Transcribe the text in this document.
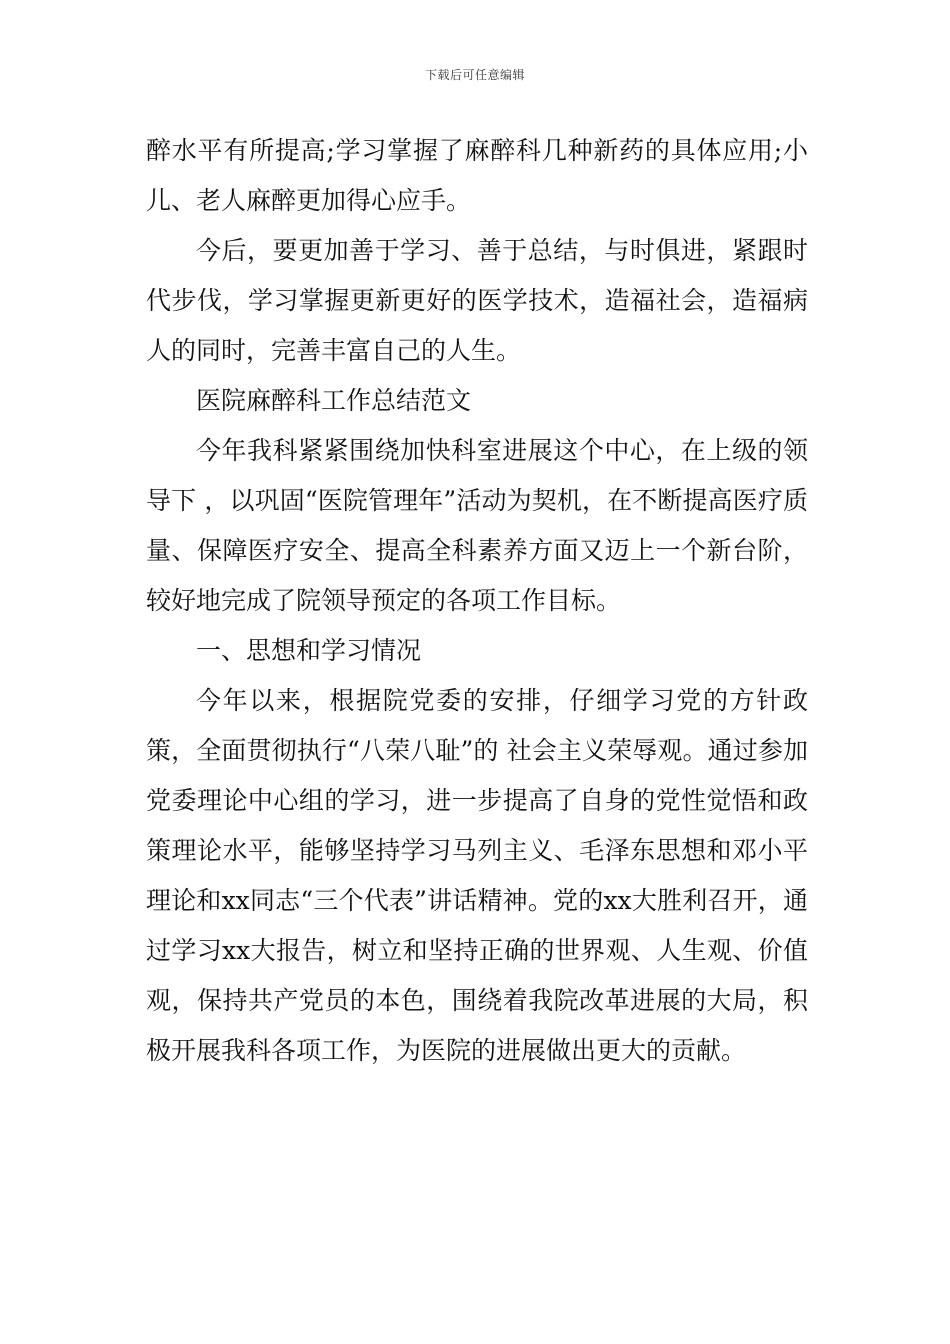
下载后可任意编辑

醉水平有所提高;学习掌握了麻醉科几种新药的具体应用;小儿、老人麻醉更加得心应手。

今后，要更加善于学习、善于总结，与时俱进，紧跟时代步伐，学习掌握更新更好的医学技术，造福社会，造福病人的同时，完善丰富自己的人生。

医院麻醉科工作总结范文

今年我科紧紧围绕加快科室进展这个中心，在上级的领导下 ，以巩固“医院管理年”活动为契机，在不断提高医疗质量、保障医疗安全、提高全科素养方面又迈上一个新台阶，较好地完成了院领导预定的各项工作目标。

一、思想和学习情况

今年以来，根据院党委的安排，仔细学习党的方针政策，全面贯彻执行“八荣八耻”的 社会主义荣辱观。通过参加党委理论中心组的学习，进一步提高了自身的党性觉悟和政策理论水平，能够坚持学习马列主义、毛泽东思想和邓小平理论和xx同志“三个代表”讲话精神。党的xx大胜利召开，通过学习xx大报告，树立和坚持正确的世界观、人生观、价值观，保持共产党员的本色，围绕着我院改革进展的大局，积极开展我科各项工作，为医院的进展做出更大的贡献。
